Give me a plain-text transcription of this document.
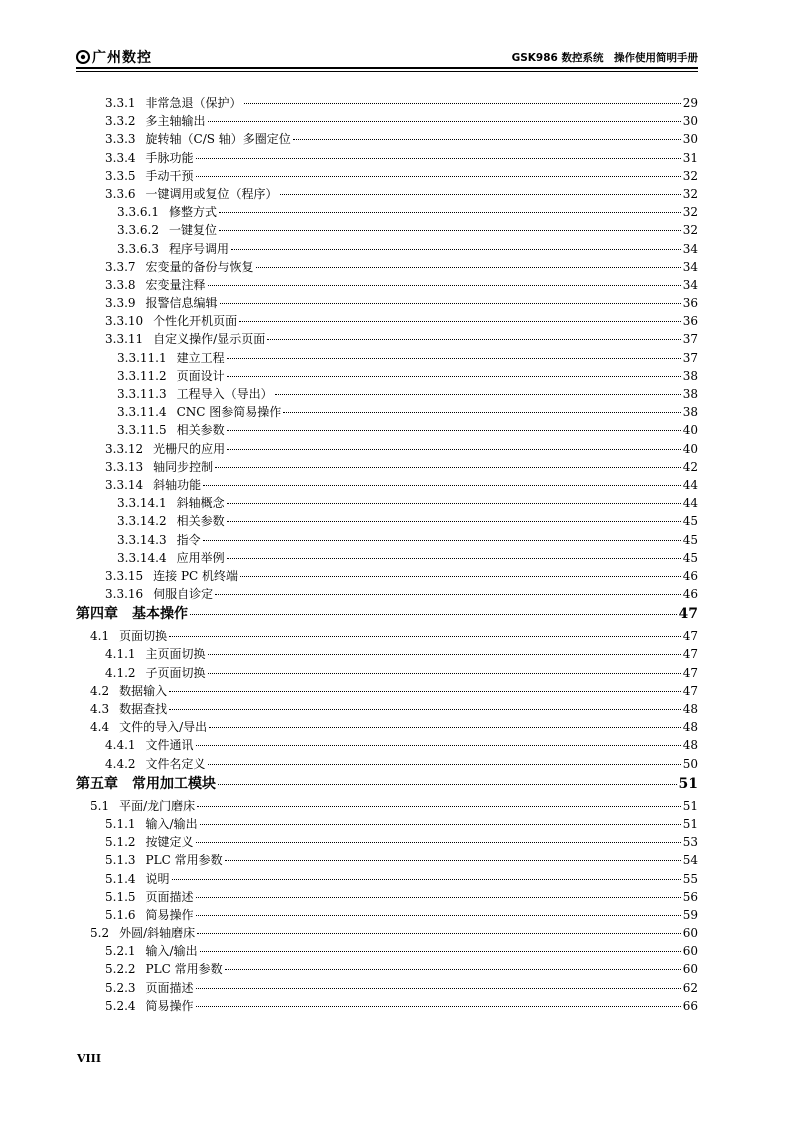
广州数控	GSK986 数控系统　操作使用简明手册
3.3.1 非常急退（保护）	29
3.3.2 多主轴输出	30
3.3.3 旋转轴（C/S 轴）多圈定位	30
3.3.4 手脉功能	31
3.3.5 手动干预	32
3.3.6 一键调用或复位（程序）	32
3.3.6.1 修整方式	32
3.3.6.2 一键复位	32
3.3.6.3 程序号调用	34
3.3.7 宏变量的备份与恢复	34
3.3.8 宏变量注释	34
3.3.9 报警信息编辑	36
3.3.10 个性化开机页面	36
3.3.11 自定义操作/显示页面	37
3.3.11.1 建立工程	37
3.3.11.2 页面设计	38
3.3.11.3 工程导入（导出）	38
3.3.11.4 CNC 图参简易操作	38
3.3.11.5 相关参数	40
3.3.12 光栅尺的应用	40
3.3.13 轴同步控制	42
3.3.14 斜轴功能	44
3.3.14.1 斜轴概念	44
3.3.14.2 相关参数	45
3.3.14.3 指令	45
3.3.14.4 应用举例	45
3.3.15 连接 PC 机终端	46
3.3.16 伺服自诊定	46
第四章 基本操作	47
4.1 页面切换	47
4.1.1 主页面切换	47
4.1.2 子页面切换	47
4.2 数据输入	47
4.3 数据查找	48
4.4 文件的导入/导出	48
4.4.1 文件通讯	48
4.4.2 文件名定义	50
第五章 常用加工模块	51
5.1 平面/龙门磨床	51
5.1.1 输入/输出	51
5.1.2 按键定义	53
5.1.3 PLC 常用参数	54
5.1.4 说明	55
5.1.5 页面描述	56
5.1.6 简易操作	59
5.2 外圆/斜轴磨床	60
5.2.1 输入/输出	60
5.2.2 PLC 常用参数	60
5.2.3 页面描述	62
5.2.4 简易操作	66
VIII
